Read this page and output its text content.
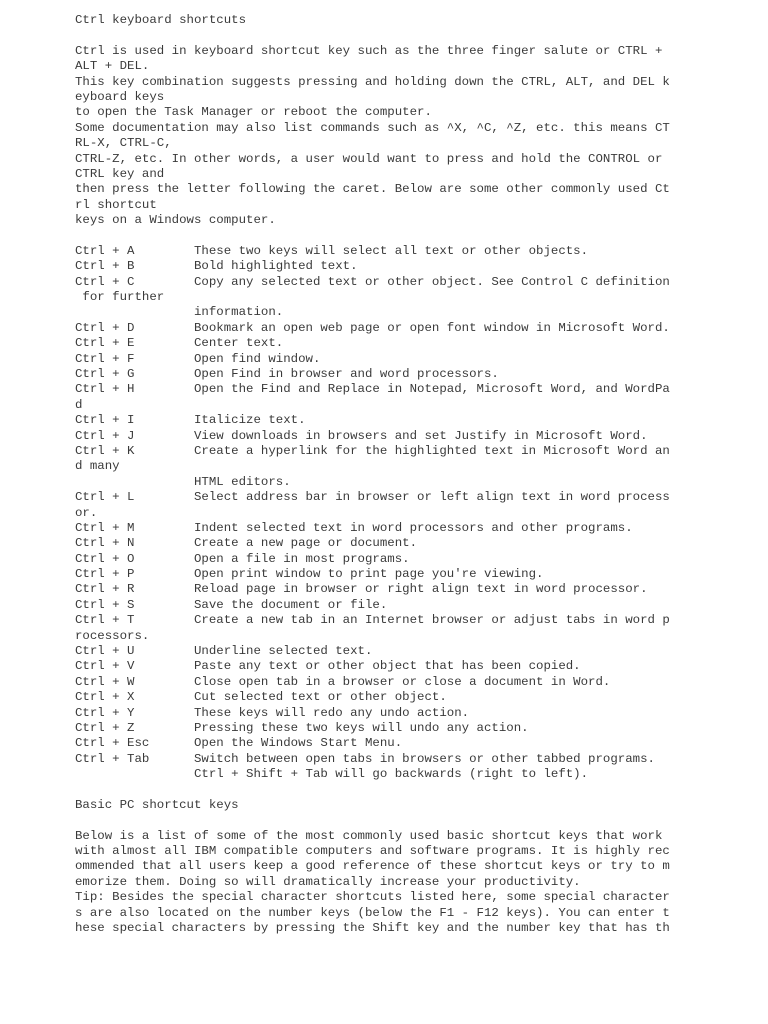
Ctrl keyboard shortcuts
Ctrl is used in keyboard shortcut key such as the three finger salute or CTRL +
ALT + DEL.
This key combination suggests pressing and holding down the CTRL, ALT, and DEL k
eyboard keys
to open the Task Manager or reboot the computer.
Some documentation may also list commands such as ^X, ^C, ^Z, etc. this means CT
RL-X, CTRL-C,
CTRL-Z, etc. In other words, a user would want to press and hold the CONTROL or
CTRL key and
then press the letter following the caret. Below are some other commonly used Ct
rl shortcut
keys on a Windows computer.
Ctrl + A        These two keys will select all text or other objects.
Ctrl + B        Bold highlighted text.
Ctrl + C        Copy any selected text or other object. See Control C definition
for further
information.
Ctrl + D        Bookmark an open web page or open font window in Microsoft Word.
Ctrl + E        Center text.
Ctrl + F        Open find window.
Ctrl + G        Open Find in browser and word processors.
Ctrl + H        Open the Find and Replace in Notepad, Microsoft Word, and WordPa
d
Ctrl + I        Italicize text.
Ctrl + J        View downloads in browsers and set Justify in Microsoft Word.
Ctrl + K        Create a hyperlink for the highlighted text in Microsoft Word an
d many
HTML editors.
Ctrl + L        Select address bar in browser or left align text in word process
or.
Ctrl + M        Indent selected text in word processors and other programs.
Ctrl + N        Create a new page or document.
Ctrl + O        Open a file in most programs.
Ctrl + P        Open print window to print page you're viewing.
Ctrl + R        Reload page in browser or right align text in word processor.
Ctrl + S        Save the document or file.
Ctrl + T        Create a new tab in an Internet browser or adjust tabs in word p
rocessors.
Ctrl + U        Underline selected text.
Ctrl + V        Paste any text or other object that has been copied.
Ctrl + W        Close open tab in a browser or close a document in Word.
Ctrl + X        Cut selected text or other object.
Ctrl + Y        These keys will redo any undo action.
Ctrl + Z        Pressing these two keys will undo any action.
Ctrl + Esc      Open the Windows Start Menu.
Ctrl + Tab      Switch between open tabs in browsers or other tabbed programs.
Ctrl + Shift + Tab will go backwards (right to left).
Basic PC shortcut keys
Below is a list of some of the most commonly used basic shortcut keys that work
with almost all IBM compatible computers and software programs. It is highly rec
ommended that all users keep a good reference of these shortcut keys or try to m
emorize them. Doing so will dramatically increase your productivity.
Tip: Besides the special character shortcuts listed here, some special character
s are also located on the number keys (below the F1 - F12 keys). You can enter t
hese special characters by pressing the Shift key and the number key that has th
